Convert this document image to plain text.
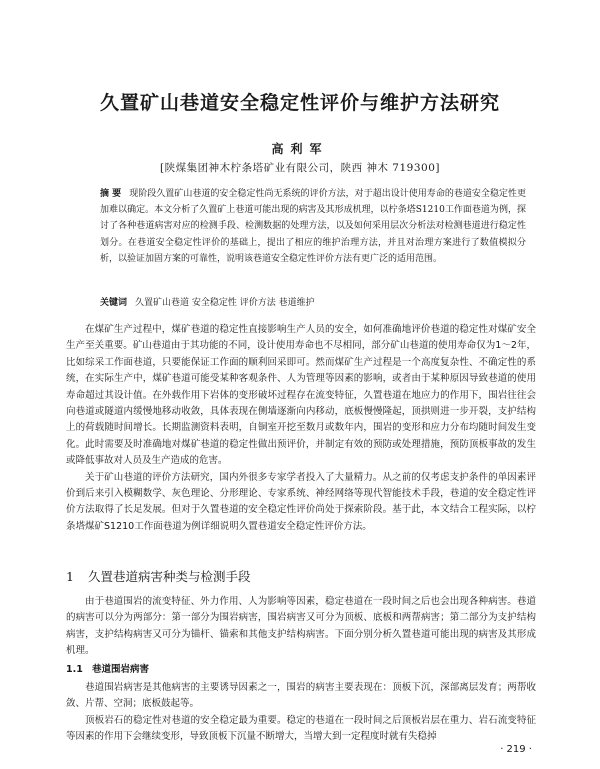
久置矿山巷道安全稳定性评价与维护方法研究
高利军
[陕煤集团神木柠条塔矿业有限公司，陕西 神木 719300]
摘 要 现阶段久置矿山巷道的安全稳定性尚无系统的评价方法，对于超出设计使用寿命的巷道安全稳定性更加难以确定。本文分析了久置矿上巷道可能出现的病害及其形成机理，以柠条塔S1210工作面巷道为例，探讨了各种巷道病害对应的检测手段、检测数据的处理方法，以及如何采用层次分析法对检测巷道进行稳定性划分。在巷道安全稳定性评价的基础上，提出了相应的维护治理方法，并且对治理方案进行了数值模拟分析，以验证加固方案的可靠性，说明该巷道安全稳定性评价方法有更广泛的适用范围。
关键词 久置矿山巷道 安全稳定性 评价方法 巷道维护

在煤矿生产过程中，煤矿巷道的稳定性直接影响生产人员的安全，如何准确地评价巷道的稳定性对煤矿安全生产至关重要。矿山巷道由于其功能的不同，设计使用寿命也不尽相同，部分矿山巷道的使用寿命仅为1～2年，比如综采工作面巷道，只要能保证工作面的顺利回采即可。然而煤矿生产过程是一个高度复杂性、不确定性的系统，在实际生产中，煤矿巷道可能受某种客观条件、人为管理等因素的影响，或者由于某种原因导致巷道的使用寿命超过其设计值。在外载作用下岩体的变形破坏过程存在流变特征，久置巷道在地应力的作用下，围岩往往会向巷道或隧道内缓慢地移动收敛，具体表现在侧墙逐渐向内移动，底板慢慢隆起，顶拱则进一步开裂，支护结构上的荷载随时间增长。长期监测资料表明，自铜室开挖至数月或数年内，围岩的变形和应力分布均随时间发生变化。此时需要及时准确地对煤矿巷道的稳定性做出预评价，并制定有效的预防或处理措施，预防顶板事故的发生或降低事故对人员及生产造成的危害。

关于矿山巷道的评价方法研究，国内外很多专家学者投入了大量精力。从之前的仅考虑支护条件的单因素评价到后来引入模糊数学、灰色理论、分形理论、专家系统、神经网络等现代智能技术手段，巷道的安全稳定性评价方法取得了长足发展。但对于久置巷道的安全稳定性评价尚处于探索阶段。基于此，本文结合工程实际，以柠条塔煤矿S1210工作面巷道为例详细说明久置巷道安全稳定性评价方法。

1 久置巷道病害种类与检测手段

由于巷道围岩的流变特征、外力作用、人为影响等因素，稳定巷道在一段时间之后也会出现各种病害。巷道的病害可以分为两部分：第一部分为围岩病害，围岩病害又可分为顶板、底板和两帮病害；第二部分为支护结构病害，支护结构病害又可分为锚杆、锚索和其他支护结构病害。下面分别分析久置巷道可能出现的病害及其形成机理。

1.1 巷道围岩病害

巷道围岩病害是其他病害的主要诱导因素之一，围岩的病害主要表现在：顶板下沉，深部离层发育；两帮收敛、片帮、空洞；底板鼓起等。

顶板岩石的稳定性对巷道的安全稳定最为重要。稳定的巷道在一段时间之后顶板岩层在重力、岩石流变特征等因素的作用下会继续变形，导致顶板下沉量不断增大，当增大到一定程度时就有失稳掉

· 219 ·
